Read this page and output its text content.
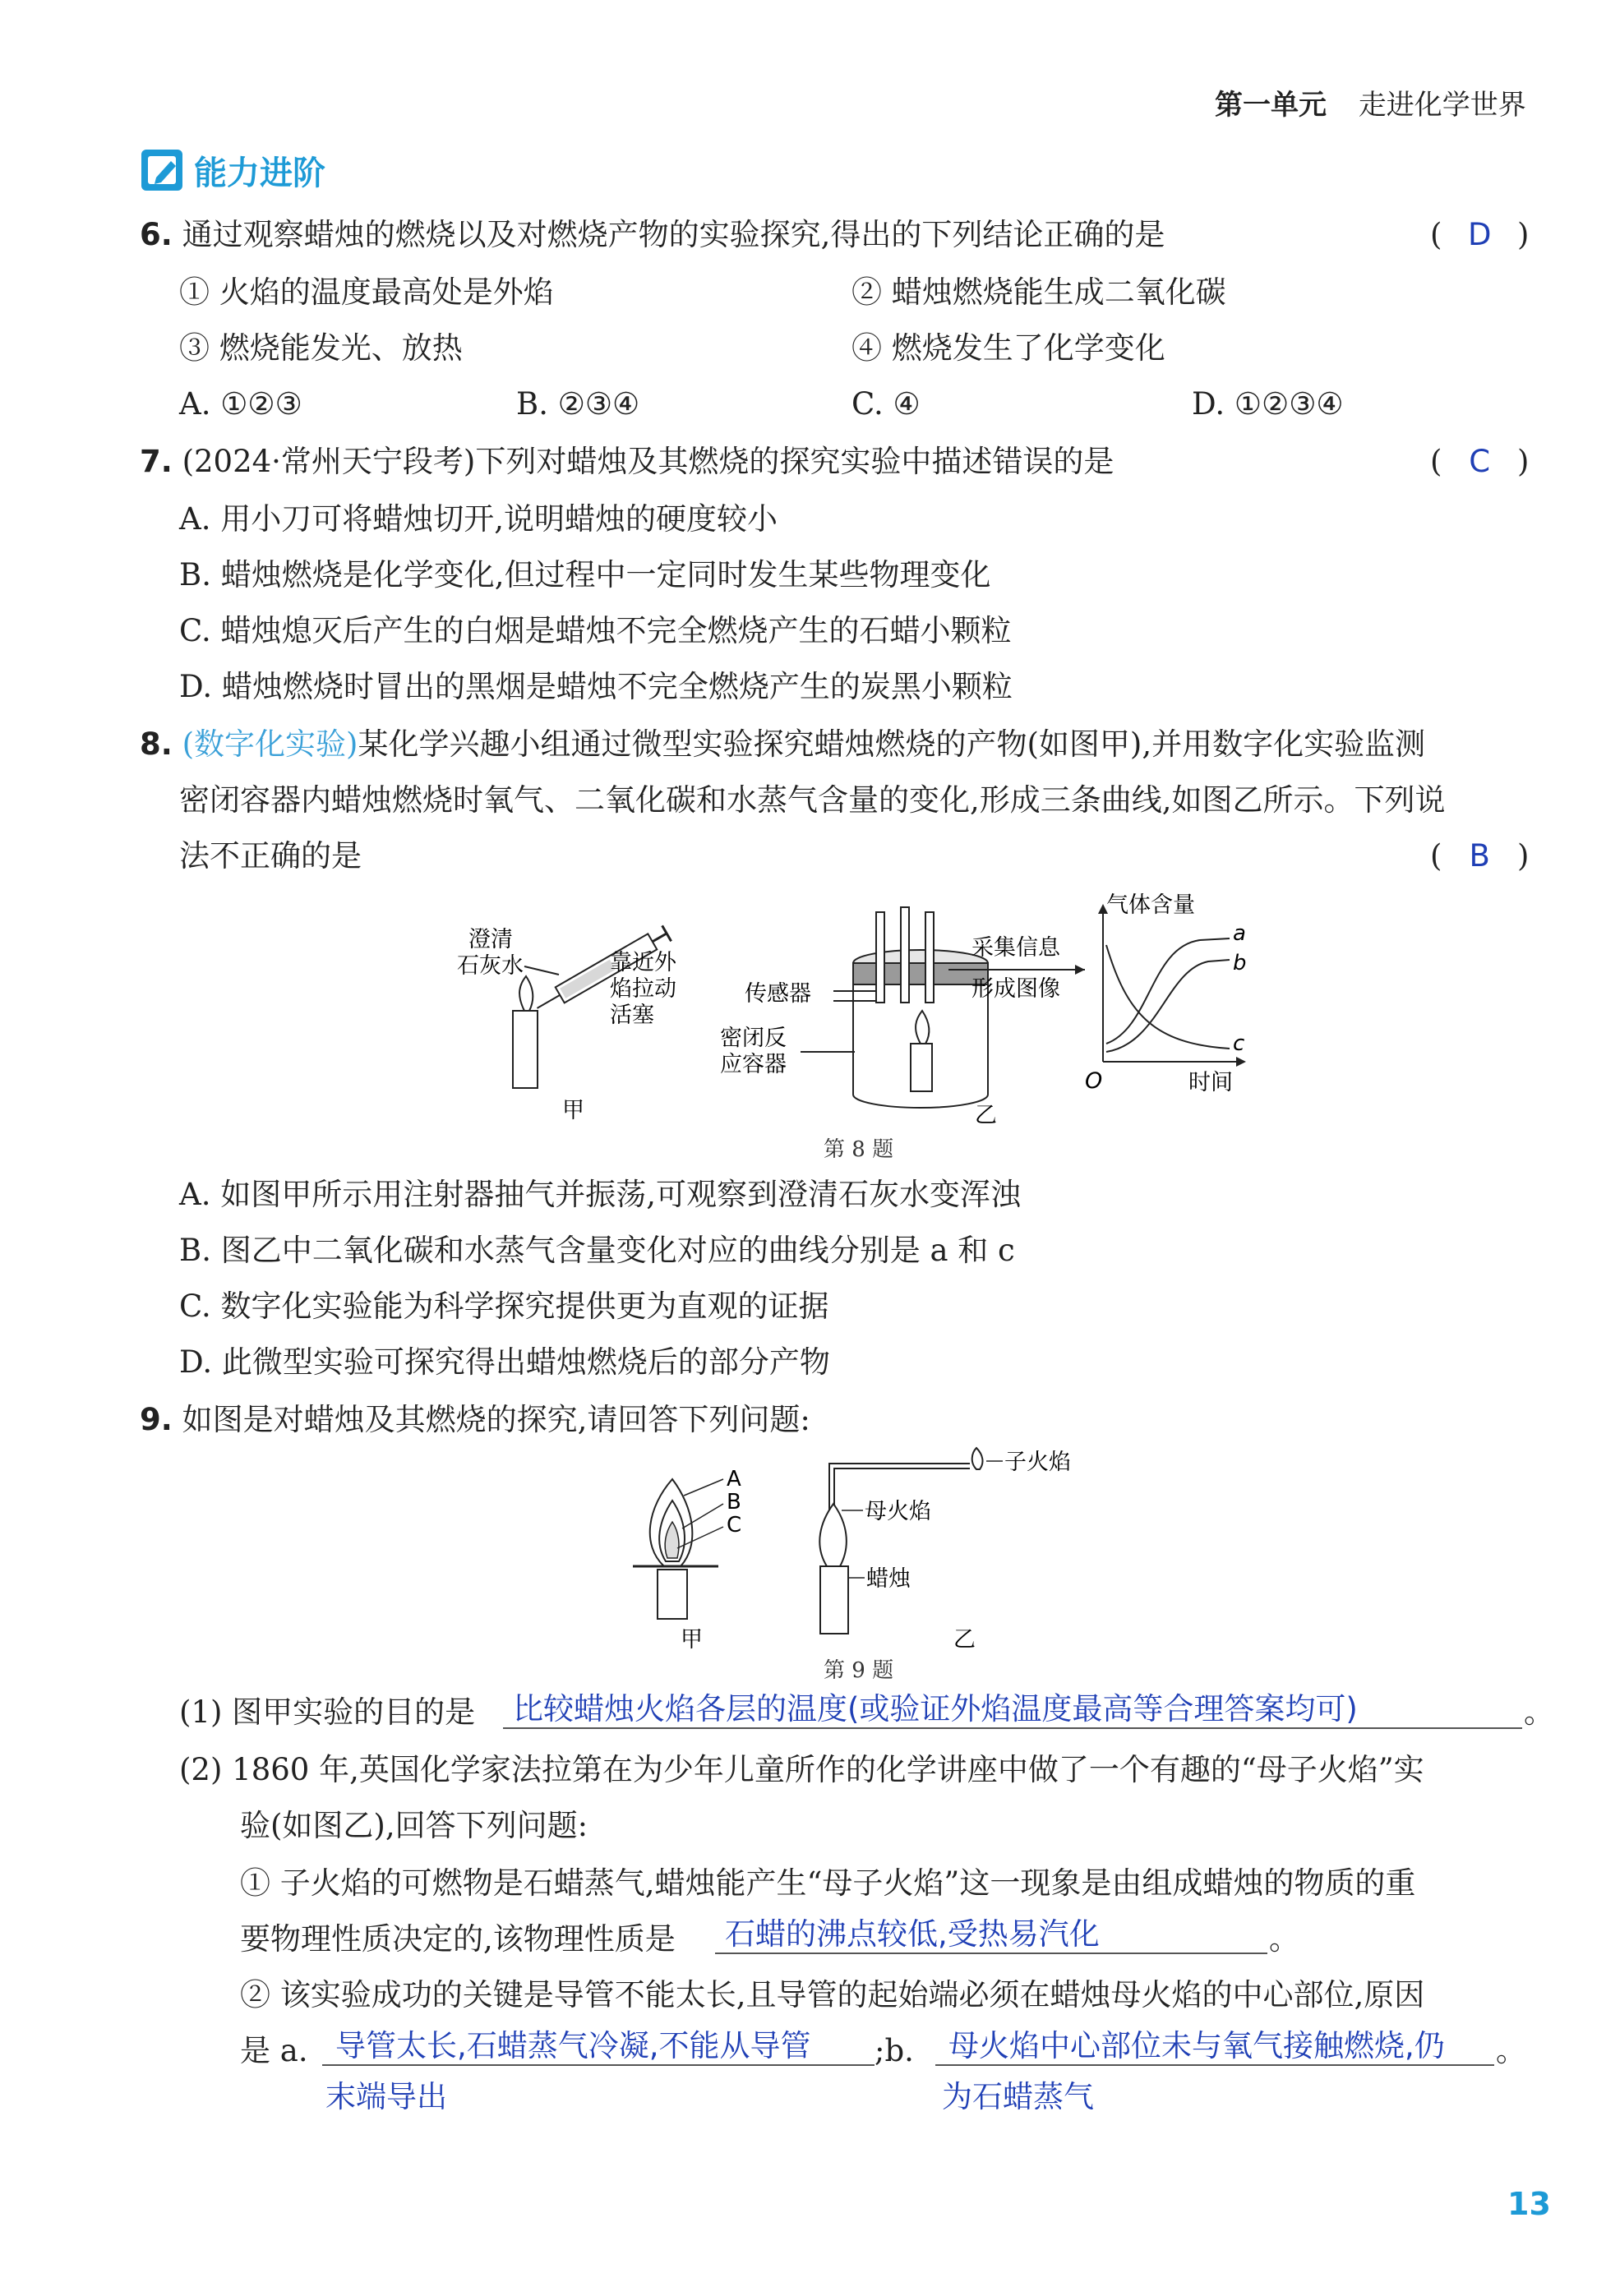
第一单元 走进化学世界
能力进阶
6. 通过观察蜡烛的燃烧以及对燃烧产物的实验探究,得出的下列结论正确的是	( D )
① 火焰的温度最高处是外焰	② 蜡烛燃烧能生成二氧化碳
③ 燃烧能发光、放热	④ 燃烧发生了化学变化
A. ①②③	B. ②③④	C. ④	D. ①②③④
7. (2024·常州天宁段考)下列对蜡烛及其燃烧的探究实验中描述错误的是	( C )
A. 用小刀可将蜡烛切开,说明蜡烛的硬度较小
B. 蜡烛燃烧是化学变化,但过程中一定同时发生某些物理变化
C. 蜡烛熄灭后产生的白烟是蜡烛不完全燃烧产生的石蜡小颗粒
D. 蜡烛燃烧时冒出的黑烟是蜡烛不完全燃烧产生的炭黑小颗粒
8. (数字化实验)某化学兴趣小组通过微型实验探究蜡烛燃烧的产物(如图甲),并用数字化实验监测
密闭容器内蜡烛燃烧时氧气、二氧化碳和水蒸气含量的变化,形成三条曲线,如图乙所示。下列说
法不正确的是	( B )
澄清
石灰水	靠近外
焰拉动
活塞
甲
传感器
密闭反
应容器
乙
采集信息
形成图像
气体含量
O	时间
a
b
c
第 8 题
A. 如图甲所示用注射器抽气并振荡,可观察到澄清石灰水变浑浊
B. 图乙中二氧化碳和水蒸气含量变化对应的曲线分别是 a 和 c
C. 数字化实验能为科学探究提供更为直观的证据
D. 此微型实验可探究得出蜡烛燃烧后的部分产物
9. 如图是对蜡烛及其燃烧的探究,请回答下列问题:
A
B
C
甲
子火焰
母火焰
蜡烛
乙
第 9 题
(1) 图甲实验的目的是 比较蜡烛火焰各层的温度(或验证外焰温度最高等合理答案均可)	。
(2) 1860 年,英国化学家法拉第在为少年儿童所作的化学讲座中做了一个有趣的“母子火焰”实
验(如图乙),回答下列问题:
① 子火焰的可燃物是石蜡蒸气,蜡烛能产生“母子火焰”这一现象是由组成蜡烛的物质的重
要物理性质决定的,该物理性质是 石蜡的沸点较低,受热易汽化	。
② 该实验成功的关键是导管不能太长,且导管的起始端必须在蜡烛母火焰的中心部位,原因
是 a. 导管太长,石蜡蒸气冷凝,不能从导管
末端导出
;b. 母火焰中心部位未与氧气接触燃烧,仍
为石蜡蒸气
。
13
